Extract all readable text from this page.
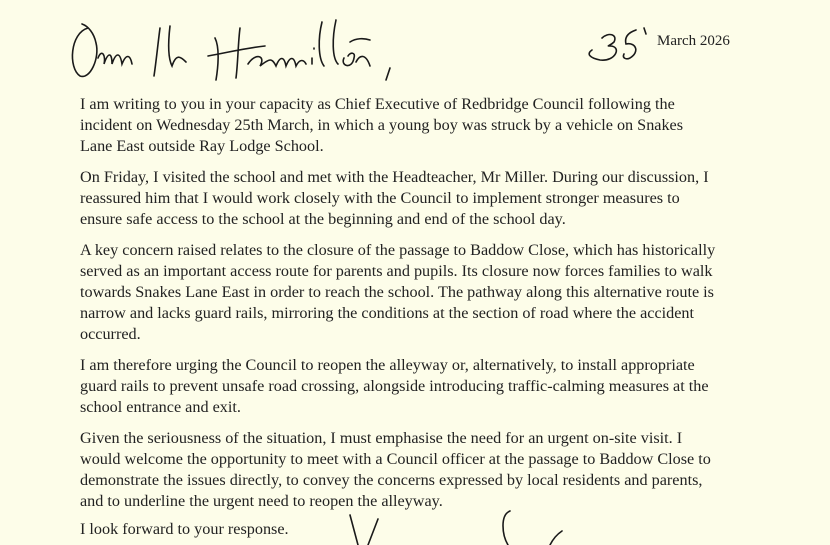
March 2026

I am writing to you in your capacity as Chief Executive of Redbridge Council following the
incident on Wednesday 25th March, in which a young boy was struck by a vehicle on Snakes
Lane East outside Ray Lodge School.

On Friday, I visited the school and met with the Headteacher, Mr Miller. During our discussion, I
reassured him that I would work closely with the Council to implement stronger measures to
ensure safe access to the school at the beginning and end of the school day.

A key concern raised relates to the closure of the passage to Baddow Close, which has historically
served as an important access route for parents and pupils. Its closure now forces families to walk
towards Snakes Lane East in order to reach the school. The pathway along this alternative route is
narrow and lacks guard rails, mirroring the conditions at the section of road where the accident
occurred.

I am therefore urging the Council to reopen the alleyway or, alternatively, to install appropriate
guard rails to prevent unsafe road crossing, alongside introducing traffic-calming measures at the
school entrance and exit.

Given the seriousness of the situation, I must emphasise the need for an urgent on-site visit. I
would welcome the opportunity to meet with a Council officer at the passage to Baddow Close to
demonstrate the issues directly, to convey the concerns expressed by local residents and parents,
and to underline the urgent need to reopen the alleyway.

I look forward to your response.
